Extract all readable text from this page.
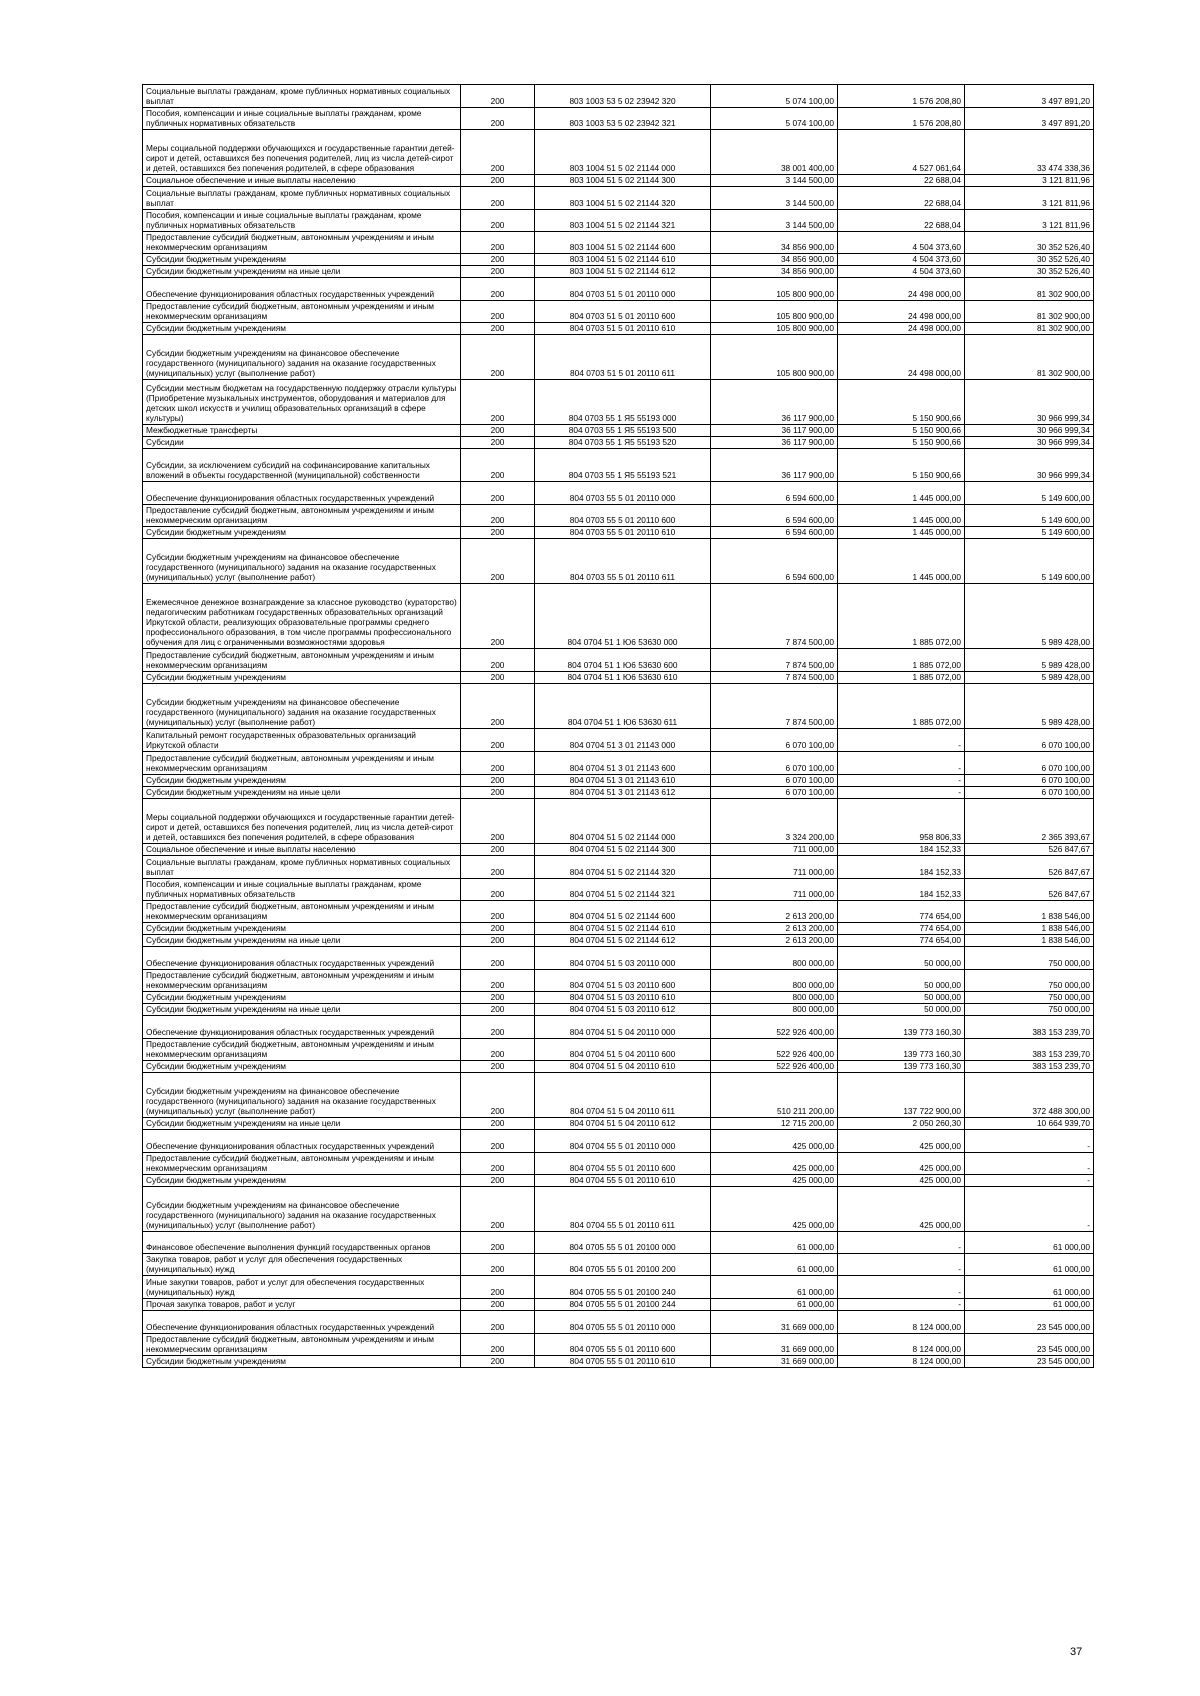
Социальные выплаты гражданам, кроме публичных нормативных социальных выплат	200	803 1003 53 5 02 23942 320	5 074 100,00	1 576 208,80	3 497 891,20
Пособия, компенсации и иные социальные выплаты гражданам, кроме публичных нормативных обязательств	200	803 1003 53 5 02 23942 321	5 074 100,00	1 576 208,80	3 497 891,20
Меры социальной поддержки обучающихся и государственные гарантии детей-сирот и детей, оставшихся без попечения родителей, лиц из числа детей-сирот и детей, оставшихся без попечения родителей, в сфере образования	200	803 1004 51 5 02 21144 000	38 001 400,00	4 527 061,64	33 474 338,36
Социальное обеспечение и иные выплаты населению	200	803 1004 51 5 02 21144 300	3 144 500,00	22 688,04	3 121 811,96
Социальные выплаты гражданам, кроме публичных нормативных социальных выплат	200	803 1004 51 5 02 21144 320	3 144 500,00	22 688,04	3 121 811,96
Пособия, компенсации и иные социальные выплаты гражданам, кроме публичных нормативных обязательств	200	803 1004 51 5 02 21144 321	3 144 500,00	22 688,04	3 121 811,96
Предоставление субсидий бюджетным, автономным учреждениям и иным некоммерческим организациям	200	803 1004 51 5 02 21144 600	34 856 900,00	4 504 373,60	30 352 526,40
Субсидии бюджетным учреждениям	200	803 1004 51 5 02 21144 610	34 856 900,00	4 504 373,60	30 352 526,40
Субсидии бюджетным учреждениям на иные цели	200	803 1004 51 5 02 21144 612	34 856 900,00	4 504 373,60	30 352 526,40
Обеспечение функционирования областных государственных учреждений	200	804 0703 51 5 01 20110 000	105 800 900,00	24 498 000,00	81 302 900,00
Предоставление субсидий бюджетным, автономным учреждениям и иным некоммерческим организациям	200	804 0703 51 5 01 20110 600	105 800 900,00	24 498 000,00	81 302 900,00
Субсидии бюджетным учреждениям	200	804 0703 51 5 01 20110 610	105 800 900,00	24 498 000,00	81 302 900,00
Субсидии бюджетным учреждениям на финансовое обеспечение государственного (муниципального) задания на оказание государственных (муниципальных) услуг (выполнение работ)	200	804 0703 51 5 01 20110 611	105 800 900,00	24 498 000,00	81 302 900,00
Субсидии местным бюджетам на государственную поддержку отрасли культуры (Приобретение музыкальных инструментов, оборудования и материалов для детских школ искусств и училищ образовательных организаций в сфере культуры)	200	804 0703 55 1 Я5 55193 000	36 117 900,00	5 150 900,66	30 966 999,34
Межбюджетные трансферты	200	804 0703 55 1 Я5 55193 500	36 117 900,00	5 150 900,66	30 966 999,34
Субсидии	200	804 0703 55 1 Я5 55193 520	36 117 900,00	5 150 900,66	30 966 999,34
Субсидии, за исключением субсидий на софинансирование капитальных вложений в объекты государственной (муниципальной) собственности	200	804 0703 55 1 Я5 55193 521	36 117 900,00	5 150 900,66	30 966 999,34
Обеспечение функционирования областных государственных учреждений	200	804 0703 55 5 01 20110 000	6 594 600,00	1 445 000,00	5 149 600,00
Предоставление субсидий бюджетным, автономным учреждениям и иным некоммерческим организациям	200	804 0703 55 5 01 20110 600	6 594 600,00	1 445 000,00	5 149 600,00
Субсидии бюджетным учреждениям	200	804 0703 55 5 01 20110 610	6 594 600,00	1 445 000,00	5 149 600,00
Субсидии бюджетным учреждениям на финансовое обеспечение государственного (муниципального) задания на оказание государственных (муниципальных) услуг (выполнение работ)	200	804 0703 55 5 01 20110 611	6 594 600,00	1 445 000,00	5 149 600,00
Ежемесячное денежное вознаграждение за классное руководство (кураторство) педагогическим работникам государственных образовательных организаций Иркутской области, реализующих образовательные программы среднего профессионального образования, в том числе программы профессионального обучения для лиц с ограниченными возможностями здоровья	200	804 0704 51 1 Ю6 53630 000	7 874 500,00	1 885 072,00	5 989 428,00
Предоставление субсидий бюджетным, автономным учреждениям и иным некоммерческим организациям	200	804 0704 51 1 Ю6 53630 600	7 874 500,00	1 885 072,00	5 989 428,00
Субсидии бюджетным учреждениям	200	804 0704 51 1 Ю6 53630 610	7 874 500,00	1 885 072,00	5 989 428,00
Субсидии бюджетным учреждениям на финансовое обеспечение государственного (муниципального) задания на оказание государственных (муниципальных) услуг (выполнение работ)	200	804 0704 51 1 Ю6 53630 611	7 874 500,00	1 885 072,00	5 989 428,00
Капитальный ремонт государственных образовательных организаций Иркутской области	200	804 0704 51 3 01 21143 000	6 070 100,00	-	6 070 100,00
Предоставление субсидий бюджетным, автономным учреждениям и иным некоммерческим организациям	200	804 0704 51 3 01 21143 600	6 070 100,00	-	6 070 100,00
Субсидии бюджетным учреждениям	200	804 0704 51 3 01 21143 610	6 070 100,00	-	6 070 100,00
Субсидии бюджетным учреждениям на иные цели	200	804 0704 51 3 01 21143 612	6 070 100,00	-	6 070 100,00
Меры социальной поддержки обучающихся и государственные гарантии детей-сирот и детей, оставшихся без попечения родителей, лиц из числа детей-сирот и детей, оставшихся без попечения родителей, в сфере образования	200	804 0704 51 5 02 21144 000	3 324 200,00	958 806,33	2 365 393,67
Социальное обеспечение и иные выплаты населению	200	804 0704 51 5 02 21144 300	711 000,00	184 152,33	526 847,67
Социальные выплаты гражданам, кроме публичных нормативных социальных выплат	200	804 0704 51 5 02 21144 320	711 000,00	184 152,33	526 847,67
Пособия, компенсации и иные социальные выплаты гражданам, кроме публичных нормативных обязательств	200	804 0704 51 5 02 21144 321	711 000,00	184 152,33	526 847,67
Предоставление субсидий бюджетным, автономным учреждениям и иным некоммерческим организациям	200	804 0704 51 5 02 21144 600	2 613 200,00	774 654,00	1 838 546,00
Субсидии бюджетным учреждениям	200	804 0704 51 5 02 21144 610	2 613 200,00	774 654,00	1 838 546,00
Субсидии бюджетным учреждениям на иные цели	200	804 0704 51 5 02 21144 612	2 613 200,00	774 654,00	1 838 546,00
Обеспечение функционирования областных государственных учреждений	200	804 0704 51 5 03 20110 000	800 000,00	50 000,00	750 000,00
Предоставление субсидий бюджетным, автономным учреждениям и иным некоммерческим организациям	200	804 0704 51 5 03 20110 600	800 000,00	50 000,00	750 000,00
Субсидии бюджетным учреждениям	200	804 0704 51 5 03 20110 610	800 000,00	50 000,00	750 000,00
Субсидии бюджетным учреждениям на иные цели	200	804 0704 51 5 03 20110 612	800 000,00	50 000,00	750 000,00
Обеспечение функционирования областных государственных учреждений	200	804 0704 51 5 04 20110 000	522 926 400,00	139 773 160,30	383 153 239,70
Предоставление субсидий бюджетным, автономным учреждениям и иным некоммерческим организациям	200	804 0704 51 5 04 20110 600	522 926 400,00	139 773 160,30	383 153 239,70
Субсидии бюджетным учреждениям	200	804 0704 51 5 04 20110 610	522 926 400,00	139 773 160,30	383 153 239,70
Субсидии бюджетным учреждениям на финансовое обеспечение государственного (муниципального) задания на оказание государственных (муниципальных) услуг (выполнение работ)	200	804 0704 51 5 04 20110 611	510 211 200,00	137 722 900,00	372 488 300,00
Субсидии бюджетным учреждениям на иные цели	200	804 0704 51 5 04 20110 612	12 715 200,00	2 050 260,30	10 664 939,70
Обеспечение функционирования областных государственных учреждений	200	804 0704 55 5 01 20110 000	425 000,00	425 000,00	-
Предоставление субсидий бюджетным, автономным учреждениям и иным некоммерческим организациям	200	804 0704 55 5 01 20110 600	425 000,00	425 000,00	-
Субсидии бюджетным учреждениям	200	804 0704 55 5 01 20110 610	425 000,00	425 000,00	-
Субсидии бюджетным учреждениям на финансовое обеспечение государственного (муниципального) задания на оказание государственных (муниципальных) услуг (выполнение работ)	200	804 0704 55 5 01 20110 611	425 000,00	425 000,00	-
Финансовое обеспечение выполнения функций государственных органов	200	804 0705 55 5 01 20100 000	61 000,00	-	61 000,00
Закупка товаров, работ и услуг для обеспечения государственных (муниципальных) нужд	200	804 0705 55 5 01 20100 200	61 000,00	-	61 000,00
Иные закупки товаров, работ и услуг для обеспечения государственных (муниципальных) нужд	200	804 0705 55 5 01 20100 240	61 000,00	-	61 000,00
Прочая закупка товаров, работ и услуг	200	804 0705 55 5 01 20100 244	61 000,00	-	61 000,00
Обеспечение функционирования областных государственных учреждений	200	804 0705 55 5 01 20110 000	31 669 000,00	8 124 000,00	23 545 000,00
Предоставление субсидий бюджетным, автономным учреждениям и иным некоммерческим организациям	200	804 0705 55 5 01 20110 600	31 669 000,00	8 124 000,00	23 545 000,00
Субсидии бюджетным учреждениям	200	804 0705 55 5 01 20110 610	31 669 000,00	8 124 000,00	23 545 000,00
37
